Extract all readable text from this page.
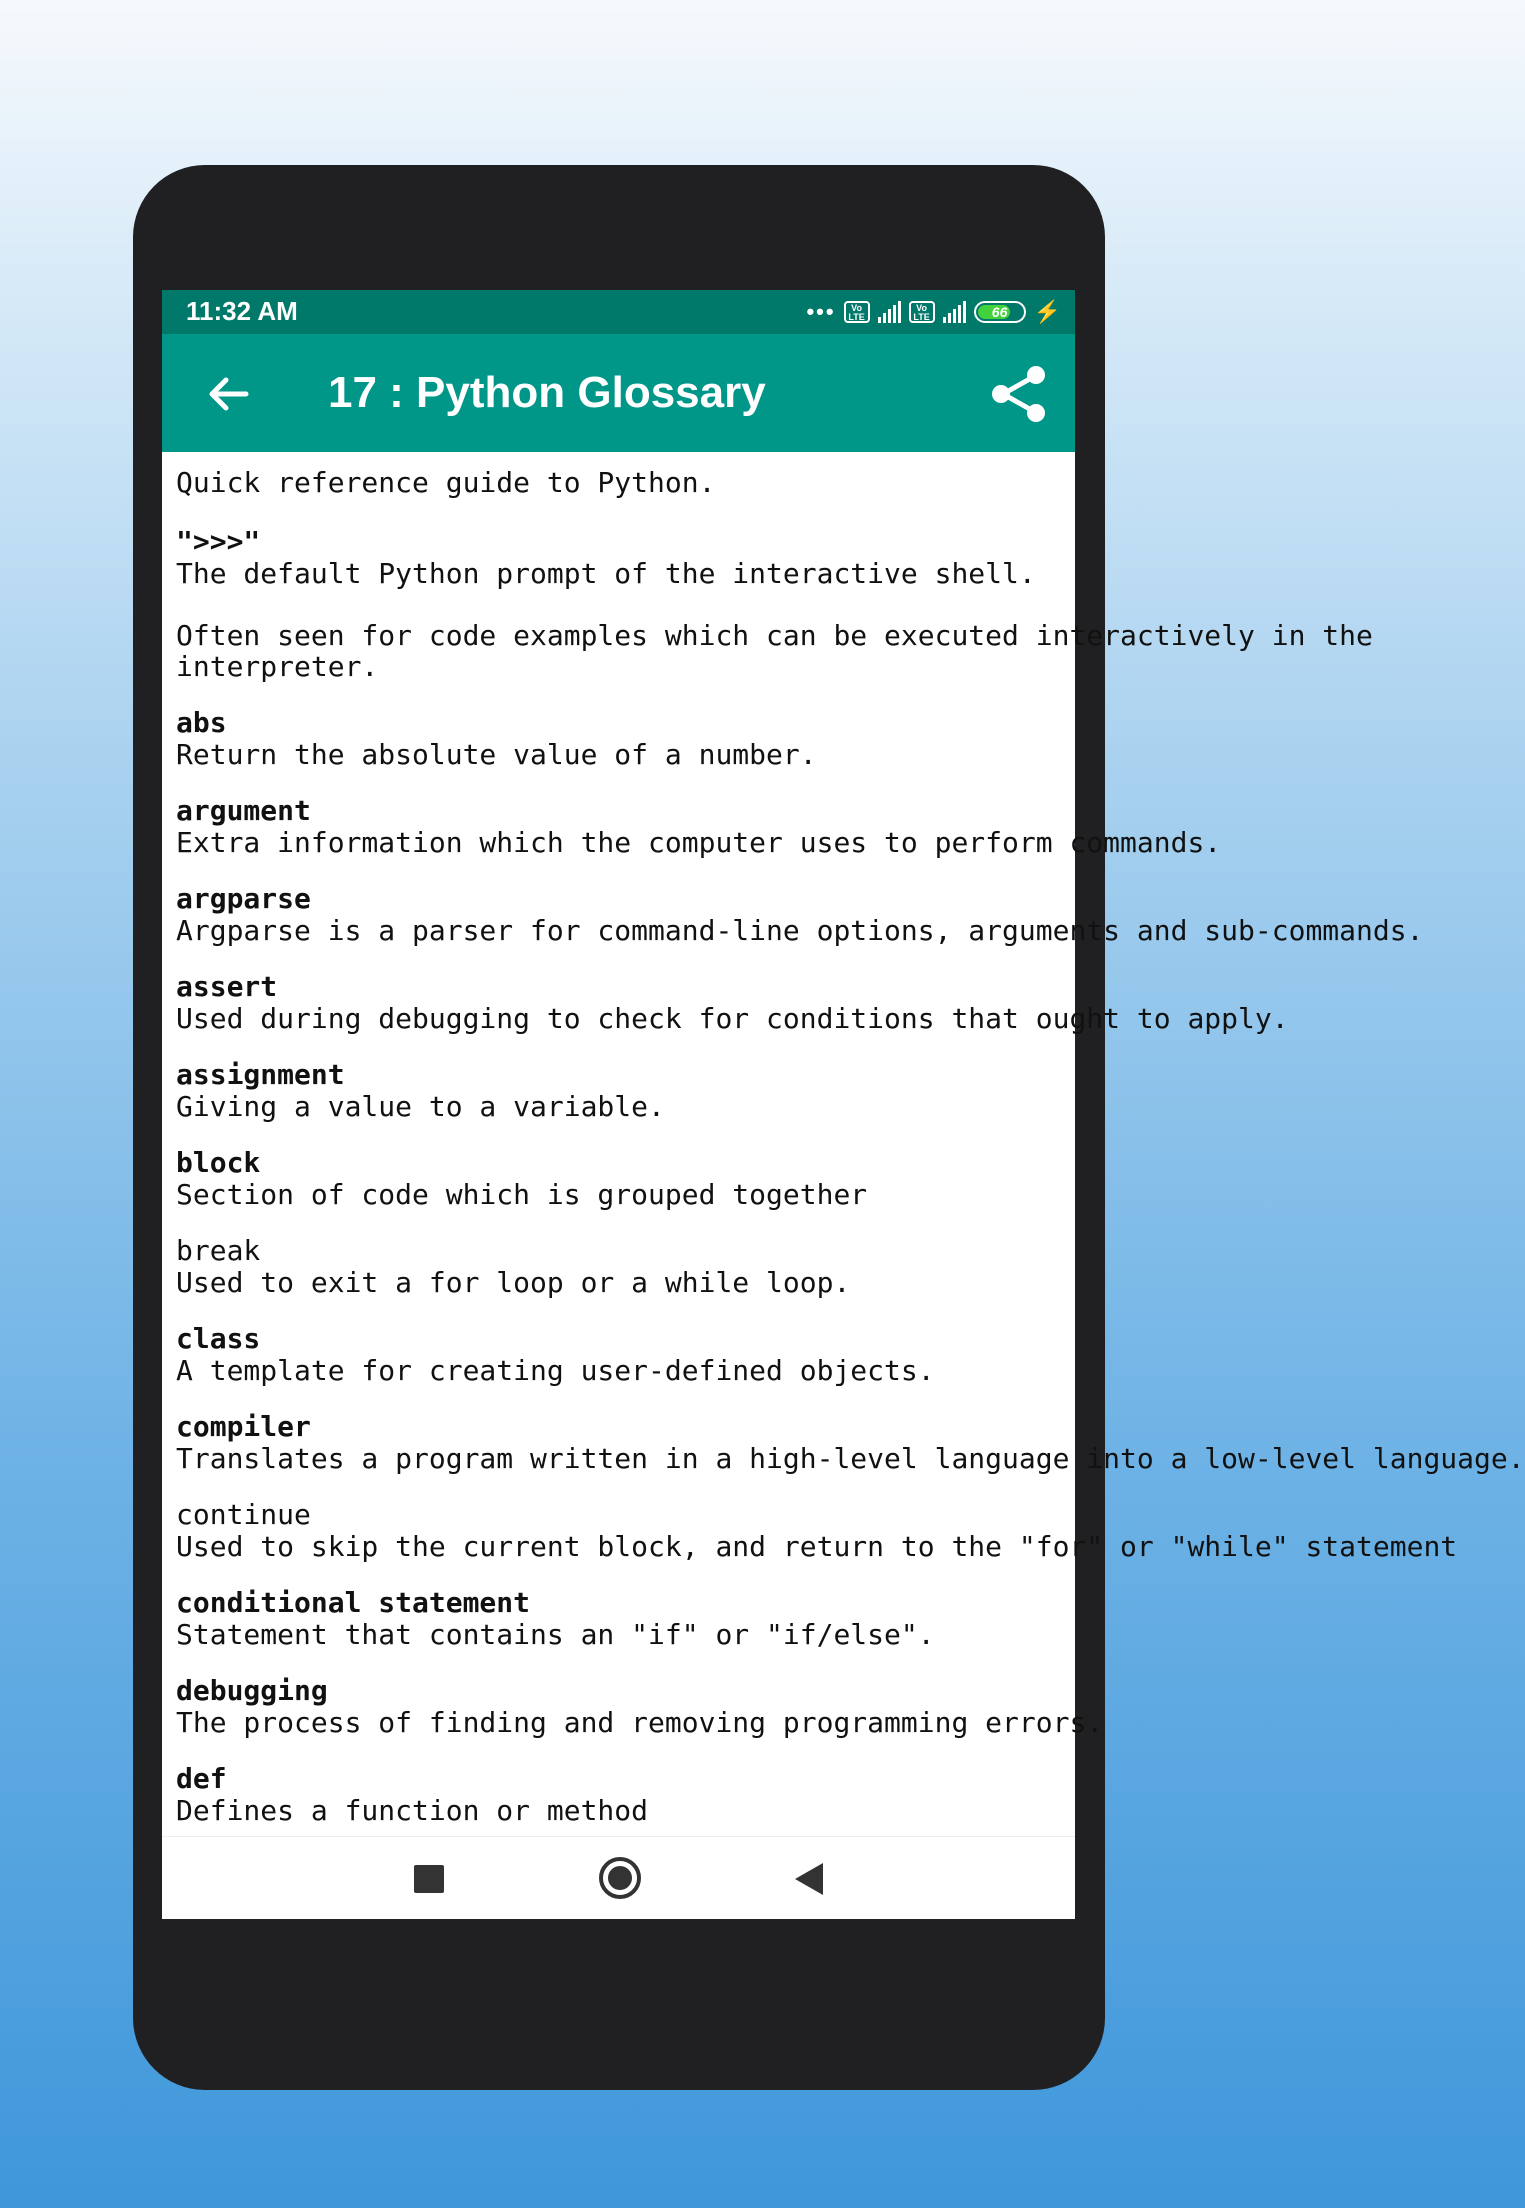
11:32 AM	•••	Vo LTE
Vo LTE	66	⚡
17 : Python Glossary
Quick reference guide to Python.
">>>"
The default Python prompt of the interactive shell.

Often seen for code examples which can be executed interactively in the
interpreter.
abs
Return the absolute value of a number.
argument
Extra information which the computer uses to perform commands.
argparse
Argparse is a parser for command-line options, arguments and sub-commands.
assert
Used during debugging to check for conditions that ought to apply.
assignment
Giving a value to a variable.
block
Section of code which is grouped together
break
Used to exit a for loop or a while loop.
class
A template for creating user-defined objects.
compiler
Translates a program written in a high-level language into a low-level language.
continue
Used to skip the current block, and return to the "for" or "while" statement
conditional statement
Statement that contains an "if" or "if/else".
debugging
The process of finding and removing programming errors.
def
Defines a function or method
